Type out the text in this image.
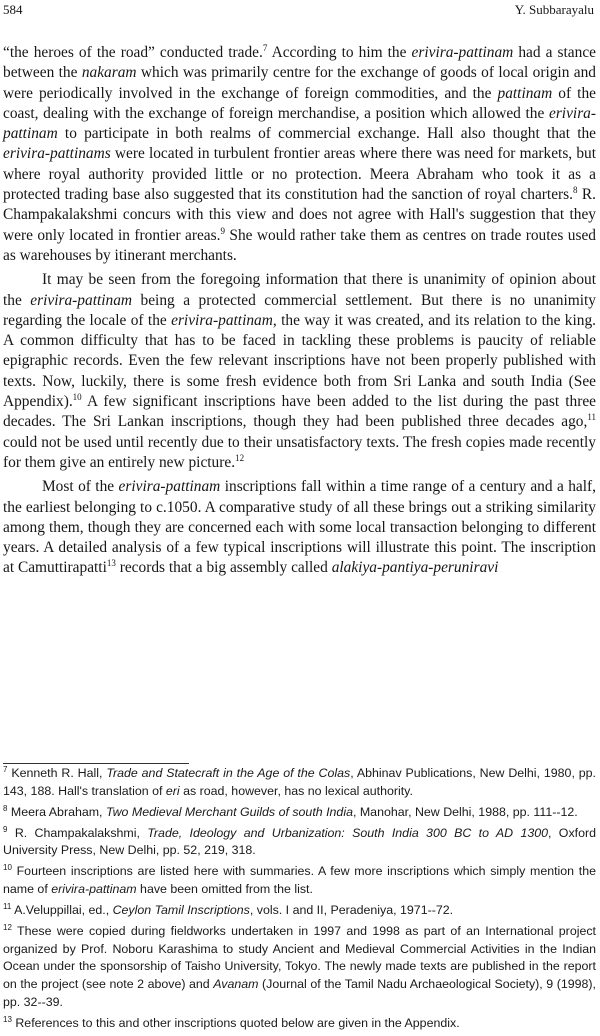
584	Y. Subbarayalu

“the heroes of the road” conducted trade.$^7$ According to him the erivira-pattinam had a stance between the nakaram which was primarily centre for the exchange of goods of local origin and were periodically involved in the exchange of foreign commodities, and the pattinam of the coast, dealing with the exchange of foreign merchandise, a position which allowed the erivira-pattinam to participate in both realms of commercial exchange. Hall also thought that the erivira-pattinams were located in turbulent frontier areas where there was need for markets, but where royal authority provided little or no protection. Meera Abraham who took it as a protected trading base also suggested that its constitution had the sanction of royal charters.$^8$ R. Champakalakshmi concurs with this view and does not agree with Hall's suggestion that they were only located in frontier areas.$^9$ She would rather take them as centres on trade routes used as warehouses by itinerant merchants.

It may be seen from the foregoing information that there is unanimity of opinion about the erivira-pattinam being a protected commercial settlement. But there is no unanimity regarding the locale of the erivira-pattinam, the way it was created, and its relation to the king. A common difficulty that has to be faced in tackling these problems is paucity of reliable epigraphic records. Even the few relevant inscriptions have not been properly published with texts. Now, luckily, there is some fresh evidence both from Sri Lanka and south India (See Appendix).$^{10}$ A few significant inscriptions have been added to the list during the past three decades. The Sri Lankan inscriptions, though they had been published three decades ago,$^{11}$ could not be used until recently due to their unsatisfactory texts. The fresh copies made recently for them give an entirely new picture.$^{12}$

Most of the erivira-pattinam inscriptions fall within a time range of a century and a half, the earliest belonging to c.1050. A comparative study of all these brings out a striking similarity among them, though they are concerned each with some local transaction belonging to different years. A detailed analysis of a few typical inscriptions will illustrate this point. The inscription at Camuttirapatti$^{13}$ records that a big assembly called alakiya-pantiya-peruniravi

$^7$ Kenneth R. Hall, Trade and Statecraft in the Age of the Colas, Abhinav Publications, New Delhi, 1980, pp. 143, 188. Hall's translation of eri as road, however, has no lexical authority.

$^8$ Meera Abraham, Two Medieval Merchant Guilds of south India, Manohar, New Delhi, 1988, pp. 111--12.

$^9$ R. Champakalakshmi, Trade, Ideology and Urbanization: South India 300 BC to AD 1300, Oxford University Press, New Delhi, pp. 52, 219, 318.

$^{10}$ Fourteen inscriptions are listed here with summaries. A few more inscriptions which simply mention the name of erivira-pattinam have been omitted from the list.

$^{11}$ A.Veluppillai, ed., Ceylon Tamil Inscriptions, vols. I and II, Peradeniya, 1971--72.

$^{12}$ These were copied during fieldworks undertaken in 1997 and 1998 as part of an International project organized by Prof. Noboru Karashima to study Ancient and Medieval Commercial Activities in the Indian Ocean under the sponsorship of Taisho University, Tokyo. The newly made texts are published in the report on the project (see note 2 above) and Avanam (Journal of the Tamil Nadu Archaeological Society), 9 (1998), pp. 32--39.

$^{13}$ References to this and other inscriptions quoted below are given in the Appendix.
